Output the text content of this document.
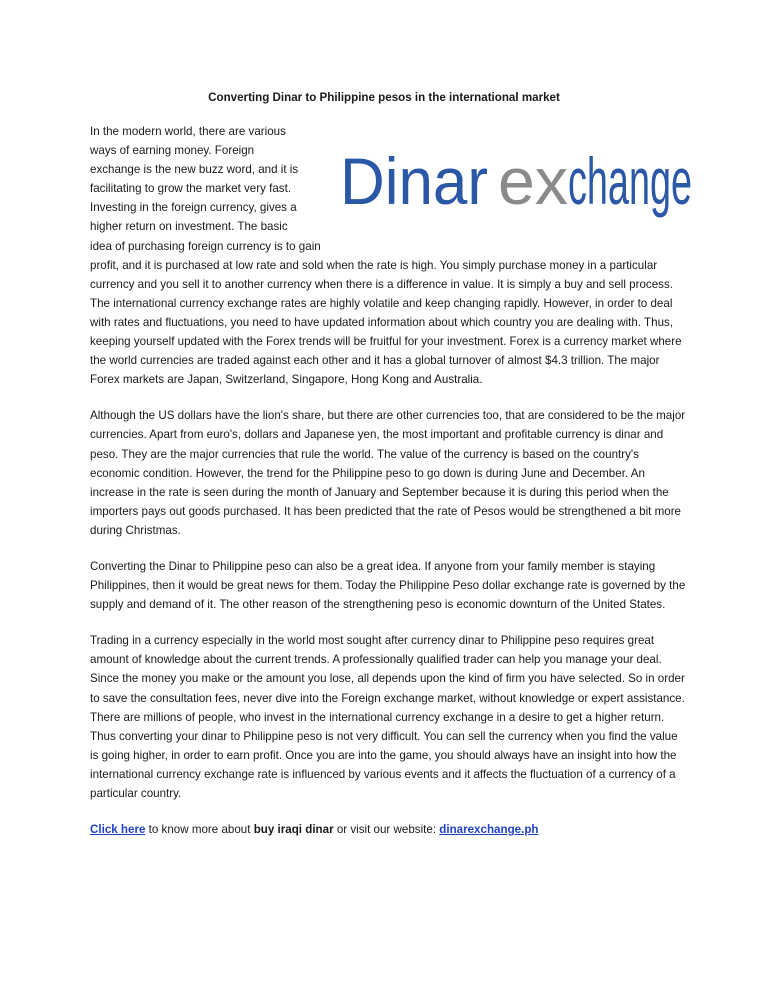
Converting Dinar to Philippine pesos in the international market
Dinar ex change
In the modern world, there are various
ways of earning money. Foreign
exchange is the new buzz word, and it is
facilitating to grow the market very fast.
Investing in the foreign currency, gives a
higher return on investment. The basic
idea of purchasing foreign currency is to gain profit, and it is purchased at low rate and sold when the rate is high. You simply purchase money in a particular currency and you sell it to another currency when there is a difference in value. It is simply a buy and sell process. The international currency exchange rates are highly volatile and keep changing rapidly. However, in order to deal with rates and fluctuations, you need to have updated information about which country you are dealing with. Thus, keeping yourself updated with the Forex trends will be fruitful for your investment. Forex is a currency market where the world currencies are traded against each other and it has a global turnover of almost $4.3 trillion. The major Forex markets are Japan, Switzerland, Singapore, Hong Kong and Australia.

Although the US dollars have the lion's share, but there are other currencies too, that are considered to be the major currencies. Apart from euro's, dollars and Japanese yen, the most important and profitable currency is dinar and peso. They are the major currencies that rule the world. The value of the currency is based on the country's economic condition. However, the trend for the Philippine peso to go down is during June and December. An increase in the rate is seen during the month of January and September because it is during this period when the importers pays out goods purchased. It has been predicted that the rate of Pesos would be strengthened a bit more during Christmas.

Converting the Dinar to Philippine peso can also be a great idea. If anyone from your family member is staying Philippines, then it would be great news for them. Today the Philippine Peso dollar exchange rate is governed by the supply and demand of it. The other reason of the strengthening peso is economic downturn of the United States.

Trading in a currency especially in the world most sought after currency dinar to Philippine peso requires great amount of knowledge about the current trends. A professionally qualified trader can help you manage your deal. Since the money you make or the amount you lose, all depends upon the kind of firm you have selected. So in order to save the consultation fees, never dive into the Foreign exchange market, without knowledge or expert assistance. There are millions of people, who invest in the international currency exchange in a desire to get a higher return. Thus converting your dinar to Philippine peso is not very difficult. You can sell the currency when you find the value is going higher, in order to earn profit. Once you are into the game, you should always have an insight into how the international currency exchange rate is influenced by various events and it affects the fluctuation of a currency of a particular country.

Click here to know more about buy iraqi dinar or visit our website: dinarexchange.ph
